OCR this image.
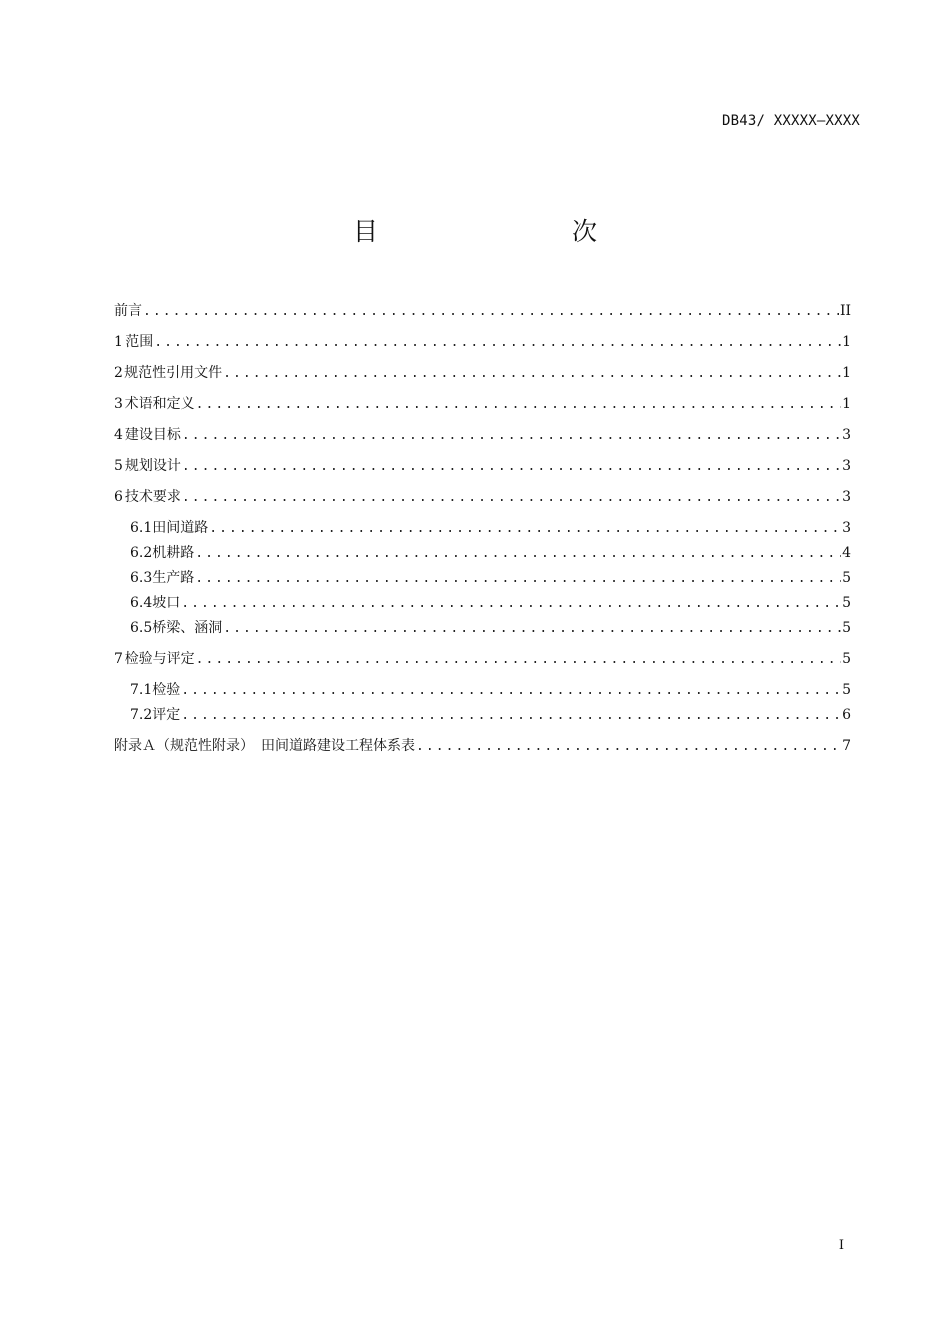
DB43/ XXXXX—XXXX
目　　次
前言 .....	II
1 范围 .....	1
2 规范性引用文件 .....	1
3 术语和定义 .....	1
4 建设目标 .....	3
5 规划设计 .....	3
6 技术要求 .....	3
6.1 田间道路 .....	3
6.2 机耕路 .....	4
6.3 生产路 .....	5
6.4 坡口 .....	5
6.5 桥梁、涵洞 .....	5
7 检验与评定 .....	5
7.1 检验 .....	5
7.2 评定 .....	6
附录Ａ（规范性附录）　田间道路建设工程体系表 .....	7
I
